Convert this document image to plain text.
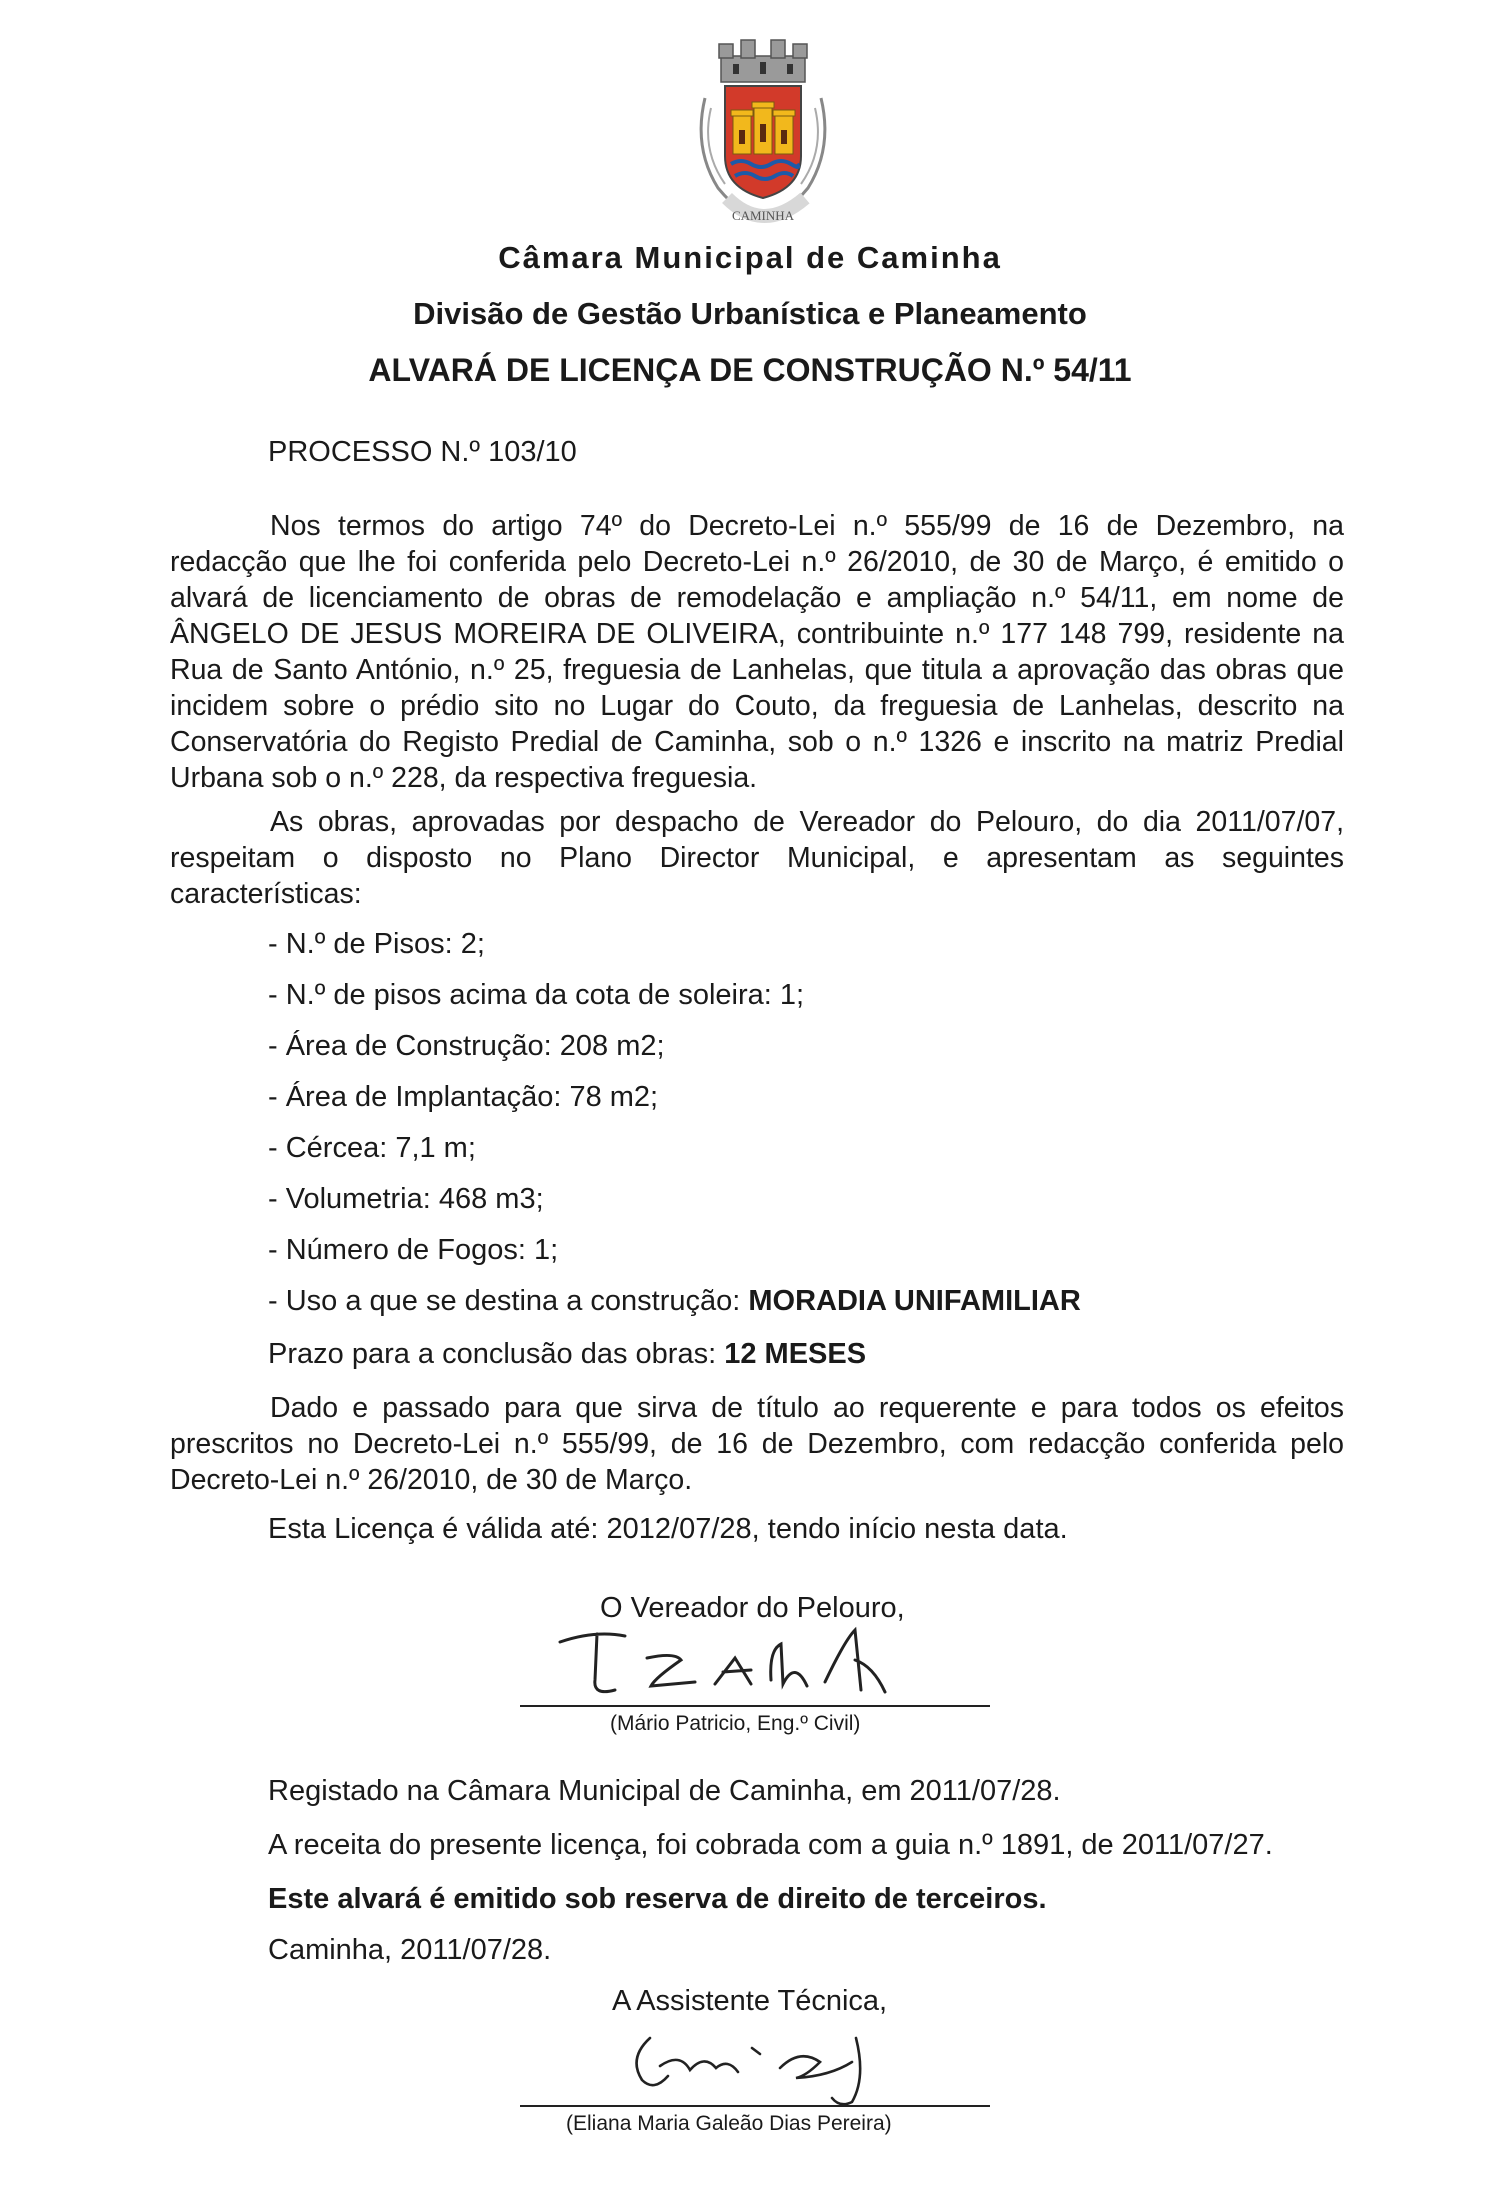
CAMINHA
Câmara Municipal de Caminha
Divisão de Gestão Urbanística e Planeamento
ALVARÁ DE LICENÇA DE CONSTRUÇÃO N.º 54/11
PROCESSO N.º 103/10
Nos termos do artigo 74º do Decreto-Lei n.º 555/99 de 16 de Dezembro, na redacção que lhe foi conferida pelo Decreto-Lei n.º 26/2010, de 30 de Março, é emitido o alvará de licenciamento de obras de remodelação e ampliação n.º 54/11, em nome de ÂNGELO DE JESUS MOREIRA DE OLIVEIRA, contribuinte n.º 177 148 799, residente na Rua de Santo António, n.º 25, freguesia de Lanhelas, que titula a aprovação das obras que incidem sobre o prédio sito no Lugar do Couto, da freguesia de Lanhelas, descrito na Conservatória do Registo Predial de Caminha, sob o n.º 1326 e inscrito na matriz Predial Urbana sob o n.º 228, da respectiva freguesia.
As obras, aprovadas por despacho de Vereador do Pelouro, do dia 2011/07/07, respeitam o disposto no Plano Director Municipal, e apresentam as seguintes características:
- N.º de Pisos: 2;
- N.º de pisos acima da cota de soleira: 1;
- Área de Construção: 208 m2;
- Área de Implantação: 78 m2;
- Cércea: 7,1 m;
- Volumetria: 468 m3;
- Número de Fogos: 1;
- Uso a que se destina a construção: MORADIA UNIFAMILIAR
Prazo para a conclusão das obras: 12 MESES
Dado e passado para que sirva de título ao requerente e para todos os efeitos prescritos no Decreto-Lei n.º 555/99, de 16 de Dezembro, com redacção conferida pelo Decreto-Lei n.º 26/2010, de 30 de Março.
Esta Licença é válida até: 2012/07/28, tendo início nesta data.
O Vereador do Pelouro,
(Mário Patricio, Eng.º Civil)
Registado na Câmara Municipal de Caminha, em 2011/07/28.
A receita do presente licença, foi cobrada com a guia n.º 1891, de 2011/07/27.
Este alvará é emitido sob reserva de direito de terceiros.
Caminha, 2011/07/28.
A Assistente Técnica,
(Eliana Maria Galeão Dias Pereira)
